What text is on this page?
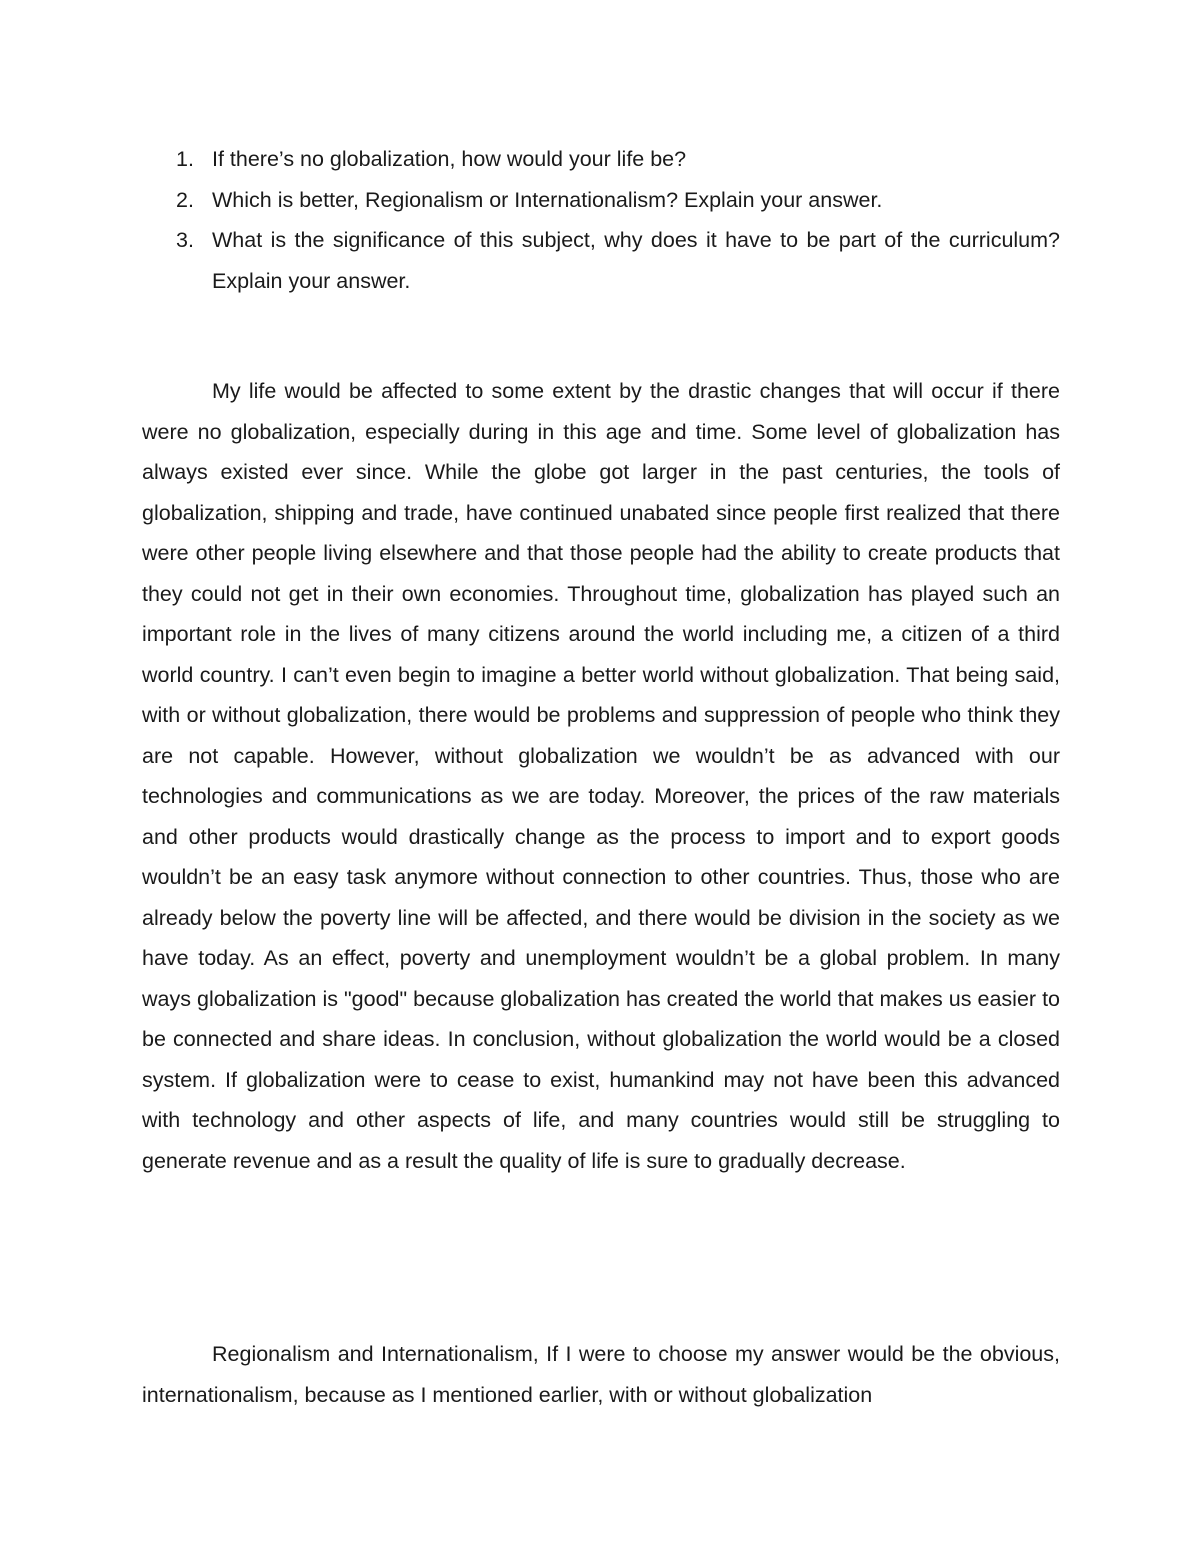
1. If there’s no globalization, how would your life be?
2. Which is better, Regionalism or Internationalism? Explain your answer.
3. What is the significance of this subject, why does it have to be part of the curriculum? Explain your answer.

My life would be affected to some extent by the drastic changes that will occur if there were no globalization, especially during in this age and time. Some level of globalization has always existed ever since. While the globe got larger in the past centuries, the tools of globalization, shipping and trade, have continued unabated since people first realized that there were other people living elsewhere and that those people had the ability to create products that they could not get in their own economies. Throughout time, globalization has played such an important role in the lives of many citizens around the world including me, a citizen of a third world country. I can’t even begin to imagine a better world without globalization. That being said, with or without globalization, there would be problems and suppression of people who think they are not capable. However, without globalization we wouldn’t be as advanced with our technologies and communications as we are today. Moreover, the prices of the raw materials and other products would drastically change as the process to import and to export goods wouldn’t be an easy task anymore without connection to other countries. Thus, those who are already below the poverty line will be affected, and there would be division in the society as we have today. As an effect, poverty and unemployment wouldn’t be a global problem. In many ways globalization is "good" because globalization has created the world that makes us easier to be connected and share ideas. In conclusion, without globalization the world would be a closed system. If globalization were to cease to exist, humankind may not have been this advanced with technology and other aspects of life, and many countries would still be struggling to generate revenue and as a result the quality of life is sure to gradually decrease.

Regionalism and Internationalism, If I were to choose my answer would be the obvious, internationalism, because as I mentioned earlier, with or without globalization
